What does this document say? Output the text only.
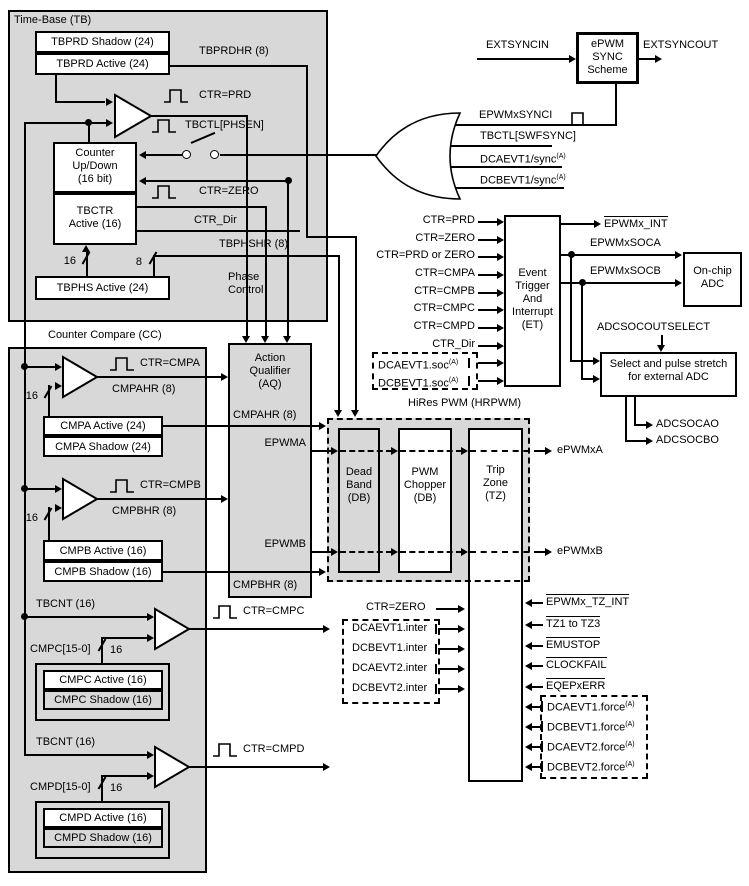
TBPRD Shadow (24)
TBPRD Active (24)
TBPHS Active (24)
CMPA Active (24)
CMPA Shadow (24)
CMPB Active (16)
CMPB Shadow (16)
CMPC Active (16)
CMPC Shadow (16)
CMPD Active (16)
CMPD Shadow (16)
Time-Base (TB)
TBPRDHR (8)
CTR=PRD
TBCTL[PHSEN]
Counter
Up/Down
(16 bit)
TBCTR
Active (16)
CTR=ZERO
CTR_Dir
TBPHSHR (8)
16	8
Phase
Control
EXTSYNCIN	ePWM
SYNC
Scheme
EXTSYNCOUT
EPWMxSYNCI
TBCTL[SWFSYNC]
DCAEVT1/sync$^{(A)}$
DCBEVT1/sync$^{(A)}$
Counter Compare (CC)
CTR=CMPA
CMPAHR (8)
16
CTR=CMPB
CMPBHR (8)
16
TBCNT (16)
CTR=CMPC
CMPC[15-0] 16
TBCNT (16)
CTR=CMPD
CMPD[15-0] 16
Action
Qualifier
(AQ)
CMPAHR (8)
EPWMA
EPWMB
CMPBHR (8)
HiRes PWM (HRPWM)
Dead
Band
(DB)
PWM
Chopper
(DB)
Trip
Zone
(TZ)
ePWMxA
ePWMxB
Event
Trigger
And
Interrupt
(ET)
CTR=PRD
CTR=ZERO
CTR=PRD or ZERO
CTR=CMPA
CTR=CMPB
CTR=CMPC
CTR=CMPD
CTR_Dir
DCAEVT1.soc$^{(A)}$
DCBEVT1.soc$^{(A)}$
EPWMx_INT
EPWMxSOCA
EPWMxSOCB	On-chip
ADC
ADCSOCOUTSELECT
Select and pulse stretch
for external ADC
ADCSOCAO
ADCSOCBO
CTR=ZERO
DCAEVT1.inter
DCBEVT1.inter
DCAEVT2.inter
DCBEVT2.inter
EPWMx_TZ_INT
TZ1 to TZ3
EMUSTOP
CLOCKFAIL
EQEPxERR
DCAEVT1.force$^{(A)}$
DCBEVT1.force$^{(A)}$
DCAEVT2.force$^{(A)}$
DCBEVT2.force$^{(A)}$
